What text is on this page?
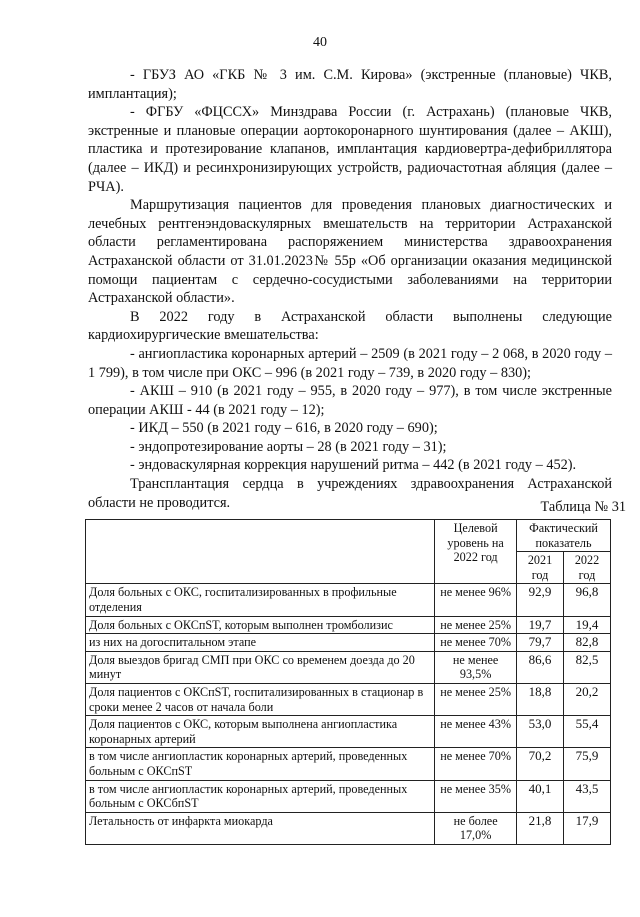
40

- ГБУЗ АО «ГКБ № 3 им. С.М. Кирова» (экстренные (плановые) ЧКВ, имплантация);

- ФГБУ «ФЦССХ» Минздрава России (г. Астрахань) (плановые ЧКВ, экстренные и плановые операции аортокоронарного шунтирования (далее – АКШ), пластика и протезирование клапанов, имплантация кардиовертра-дефибриллятора (далее – ИКД) и ресинхронизирующих устройств, радиочастотная абляция (далее – РЧА).

Маршрутизация пациентов для проведения плановых диагностических и лечебных рентгенэндоваскулярных вмешательств на территории Астраханской области регламентирована распоряжением министерства здравоохранения Астраханской области от 31.01.2023№ 55р «Об организации оказания медицинской помощи пациентам с сердечно-сосудистыми заболеваниями на территории Астраханской области».

В 2022 году в Астраханской области выполнены следующие кардиохирургические вмешательства:

- ангиопластика коронарных артерий – 2509 (в 2021 году – 2 068, в 2020 году – 1 799), в том числе при ОКС – 996 (в 2021 году – 739, в 2020 году – 830);

- АКШ – 910 (в 2021 году – 955, в 2020 году – 977), в том числе экстренные операции АКШ - 44 (в 2021 году – 12);

- ИКД – 550 (в 2021 году – 616, в 2020 году – 690);

- эндопротезирование аорты – 28 (в 2021 году – 31);

- эндоваскулярная коррекция нарушений ритма – 442 (в 2021 году – 452).

Трансплантация сердца в учреждениях здравоохранения Астраханской области не проводится.	Таблица № 31
	Целевой уровень на 2022 год	Фактический показатель	
		2021 год	2022 год
Доля больных с ОКС, госпитализированных в профильные отделения	не менее 96%	92,9	96,8
Доля больных с ОКСпST, которым выполнен тромболизис	не менее 25%	19,7	19,4
из них на догоспитальном этапе	не менее 70%	79,7	82,8
Доля выездов бригад СМП при ОКС со временем доезда до 20 минут	не менее 93,5%	86,6	82,5
Доля пациентов с ОКСпST, госпитализированных в стационар в сроки менее 2 часов от начала боли	не менее 25%	18,8	20,2
Доля пациентов с ОКС, которым выполнена ангиопластика коронарных артерий	не менее 43%	53,0	55,4
в том числе ангиопластик коронарных артерий, проведенных больным с ОКСпST	не менее 70%	70,2	75,9
в том числе ангиопластик коронарных артерий, проведенных больным с ОКСбпST	не менее 35%	40,1	43,5
Летальность от инфаркта миокарда	не более 17,0%	21,8	17,9
